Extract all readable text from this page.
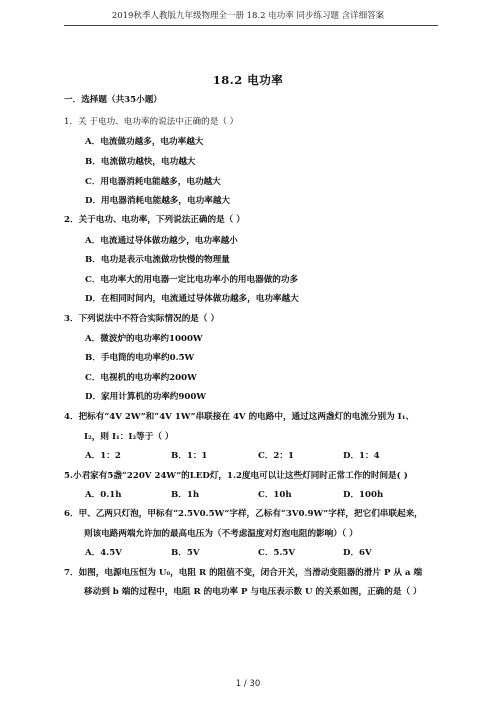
2019秋季人教版九年级物理全一册 18.2 电功率 同步练习题 含详细答案
18.2 电功率
一．选择题（共35小题）
1．关 于电功、电功率的说法中正确的是（ ）
A．电流做功越多，电功率越大
B．电流做功越快，电功越大
C．用电器消耗电能越多，电功越大
D．用电器消耗电能越多，电功率越大
2．关于电功、电功率，下列说法正确的是（ ）
A．电流通过导体做功越少，电功率越小
B．电功是表示电流做功快慢的物理量
C．电功率大的用电器一定比电功率小的用电器做的功多
D．在相同时间内，电流通过导体做功越多，电功率越大
3．下列说法中不符合实际情况的是（ ）
A．微波炉的电功率约1000W
B．手电筒的电功率约0.5W
C．电视机的电功率约200W
D．家用计算机的功率约900W
4．把标有“4V 2W”和“4V 1W”串联接在 4V 的电路中，通过这两盏灯的电流分别为 I₁、
I₂，则 I₁：I₂等于（ ）
A．1：2	B．1：1	C．2：1	D．1：4
5.小君家有5盏“220V 24W”的LED灯，1.2度电可以让这些灯同时正常工作的时间是( )
A．0.1h	B．1h	C．10h	D．100h
6．甲、乙两只灯泡，甲标有“2.5V0.5W”字样，乙标有“3V0.9W”字样，把它们串联起来，
则该电路两端允许加的最高电压为（不考虑温度对灯泡电阻的影响）（ ）
A．4.5V	B．5V	C．5.5V	D．6V
7．如图，电源电压恒为 U₀，电阻 R 的阻值不变，闭合开关，当滑动变阻器的滑片 P 从 a 端
移动到 b 端的过程中，电阻 R 的电功率 P 与电压表示数 U 的关系如图，正确的是（ ）
1 / 30
